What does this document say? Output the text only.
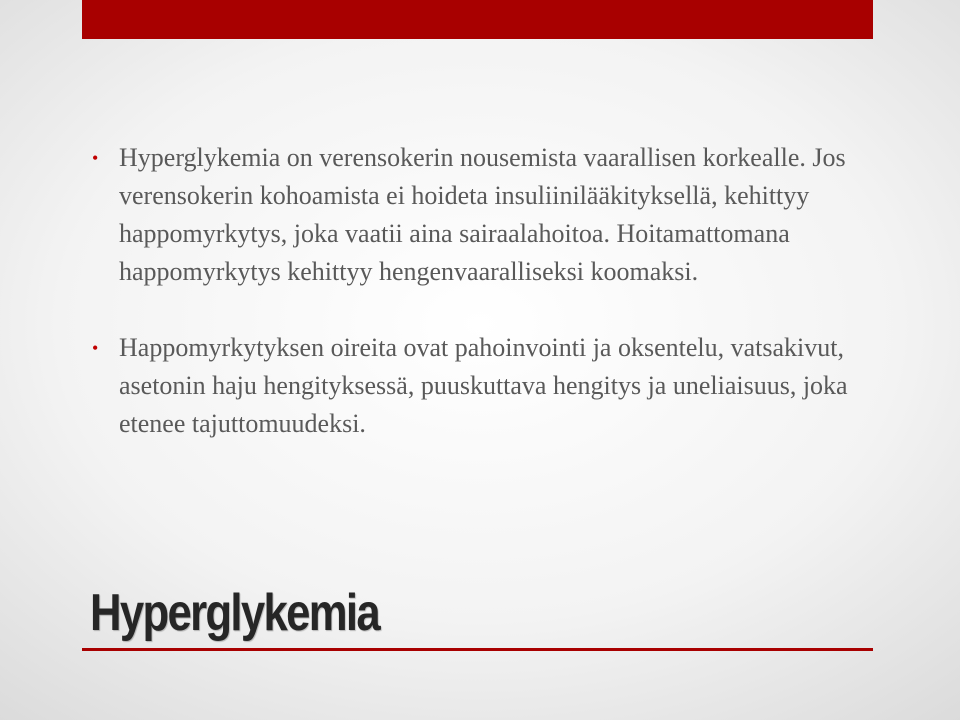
• Hyperglykemia on verensokerin nousemista vaarallisen korkealle. Jos verensokerin kohoamista ei hoideta insuliinilääkityksellä, kehittyy happomyrkytys, joka vaatii aina sairaalahoitoa. Hoitamattomana happomyrkytys kehittyy hengenvaaralliseksi koomaksi.
• Happomyrkytyksen oireita ovat pahoinvointi ja oksentelu, vatsakivut, asetonin haju hengityksessä, puuskuttava hengitys ja uneliaisuus, joka etenee tajuttomuudeksi.
Hyperglykemia
